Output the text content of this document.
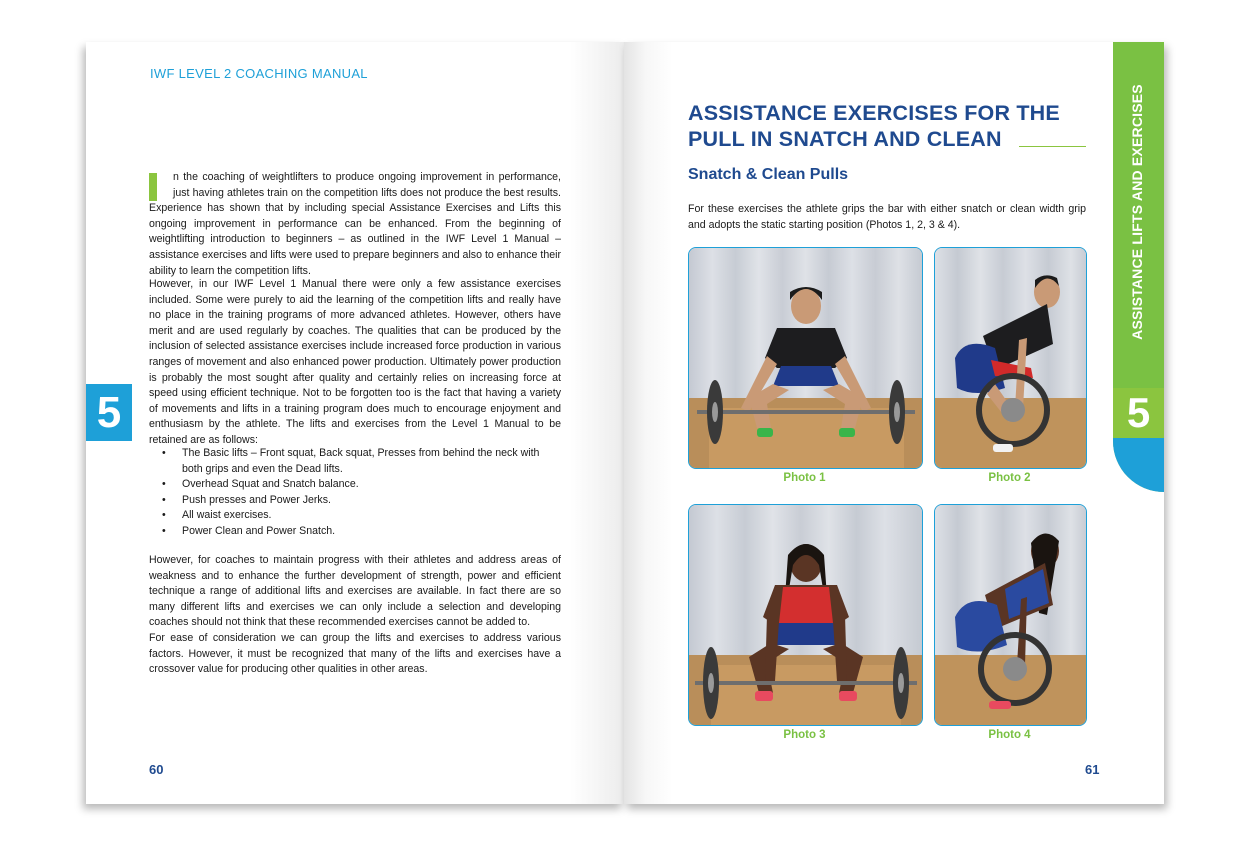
IWF LEVEL 2 COACHING MANUAL
n the coaching of weightlifters to produce ongoing improvement in performance, just having athletes train on the competition lifts does not produce the best results. Experience has shown that by including special Assistance Exercises and Lifts this ongoing improvement in performance can be enhanced. From the beginning of weightlifting introduction to beginners – as outlined in the IWF Level 1 Manual – assistance exercises and lifts were used to prepare beginners and also to enhance their ability to learn the competition lifts.
However, in our IWF Level 1 Manual there were only a few assistance exercises included. Some were purely to aid the learning of the competition lifts and really have no place in the training programs of more advanced athletes. However, others have merit and are used regularly by coaches. The qualities that can be produced by the inclusion of selected assistance exercises include increased force production in various ranges of movement and also enhanced power production. Ultimately power production is probably the most sought after quality and certainly relies on increasing force at speed using efficient technique. Not to be forgotten too is the fact that having a variety of movements and lifts in a training program does much to encourage enjoyment and enthusiasm by the athlete. The lifts and exercises from the Level 1 Manual to be retained are as follows:
• The Basic lifts – Front squat, Back squat, Presses from behind the neck with both grips and even the Dead lifts.
• Overhead Squat and Snatch balance.
• Push presses and Power Jerks.
• All waist exercises.
• Power Clean and Power Snatch.
However, for coaches to maintain progress with their athletes and address areas of weakness and to enhance the further development of strength, power and efficient technique a range of additional lifts and exercises are available. In fact there are so many different lifts and exercises we can only include a selection and developing coaches should not think that these recommended exercises cannot be added to.
For ease of consideration we can group the lifts and exercises to address various factors. However, it must be recognized that many of the lifts and exercises have a crossover value for producing other qualities in other areas.
5
60
ASSISTANCE EXERCISES FOR THE
PULL IN SNATCH AND CLEAN
Snatch & Clean Pulls
For these exercises the athlete grips the bar with either snatch or clean width grip and adopts the static starting position (Photos 1, 2, 3 & 4).
Photo 1	Photo 2
Photo 3	Photo 4
ASSISTANCE LIFTS AND EXERCISES
5
61
